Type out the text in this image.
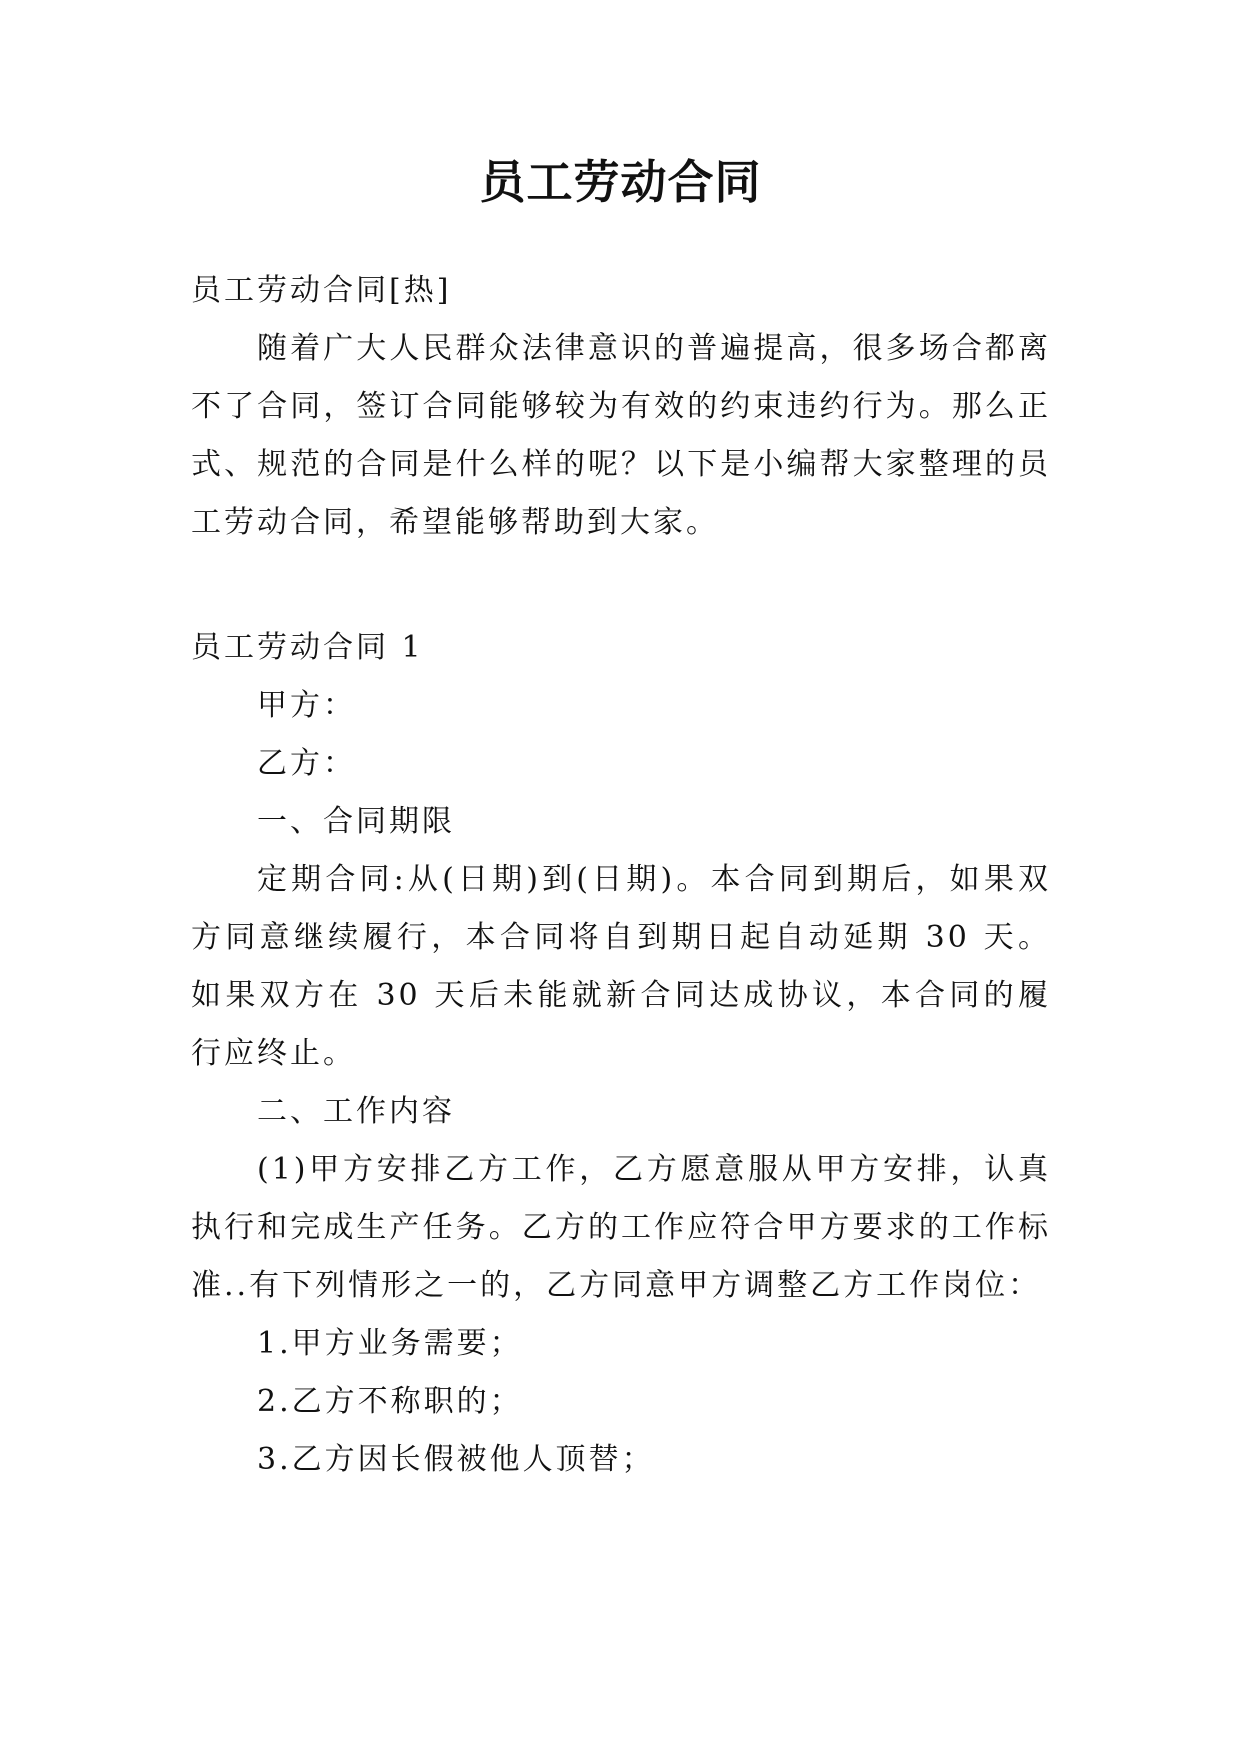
员工劳动合同
员工劳动合同[热]
随着广大人民群众法律意识的普遍提高，很多场合都离不了合同，签订合同能够较为有效的约束违约行为。那么正式、规范的合同是什么样的呢？以下是小编帮大家整理的员工劳动合同，希望能够帮助到大家。
员工劳动合同 1
甲方：
乙方：
一、合同期限
定期合同:从(日期)到(日期)。本合同到期后，如果双方同意继续履行，本合同将自到期日起自动延期 30 天。如果双方在 30 天后未能就新合同达成协议，本合同的履行应终止。
二、工作内容
(1)甲方安排乙方工作，乙方愿意服从甲方安排，认真执行和完成生产任务。乙方的工作应符合甲方要求的工作标准..有下列情形之一的，乙方同意甲方调整乙方工作岗位：
1.甲方业务需要；
2.乙方不称职的；
3.乙方因长假被他人顶替；
